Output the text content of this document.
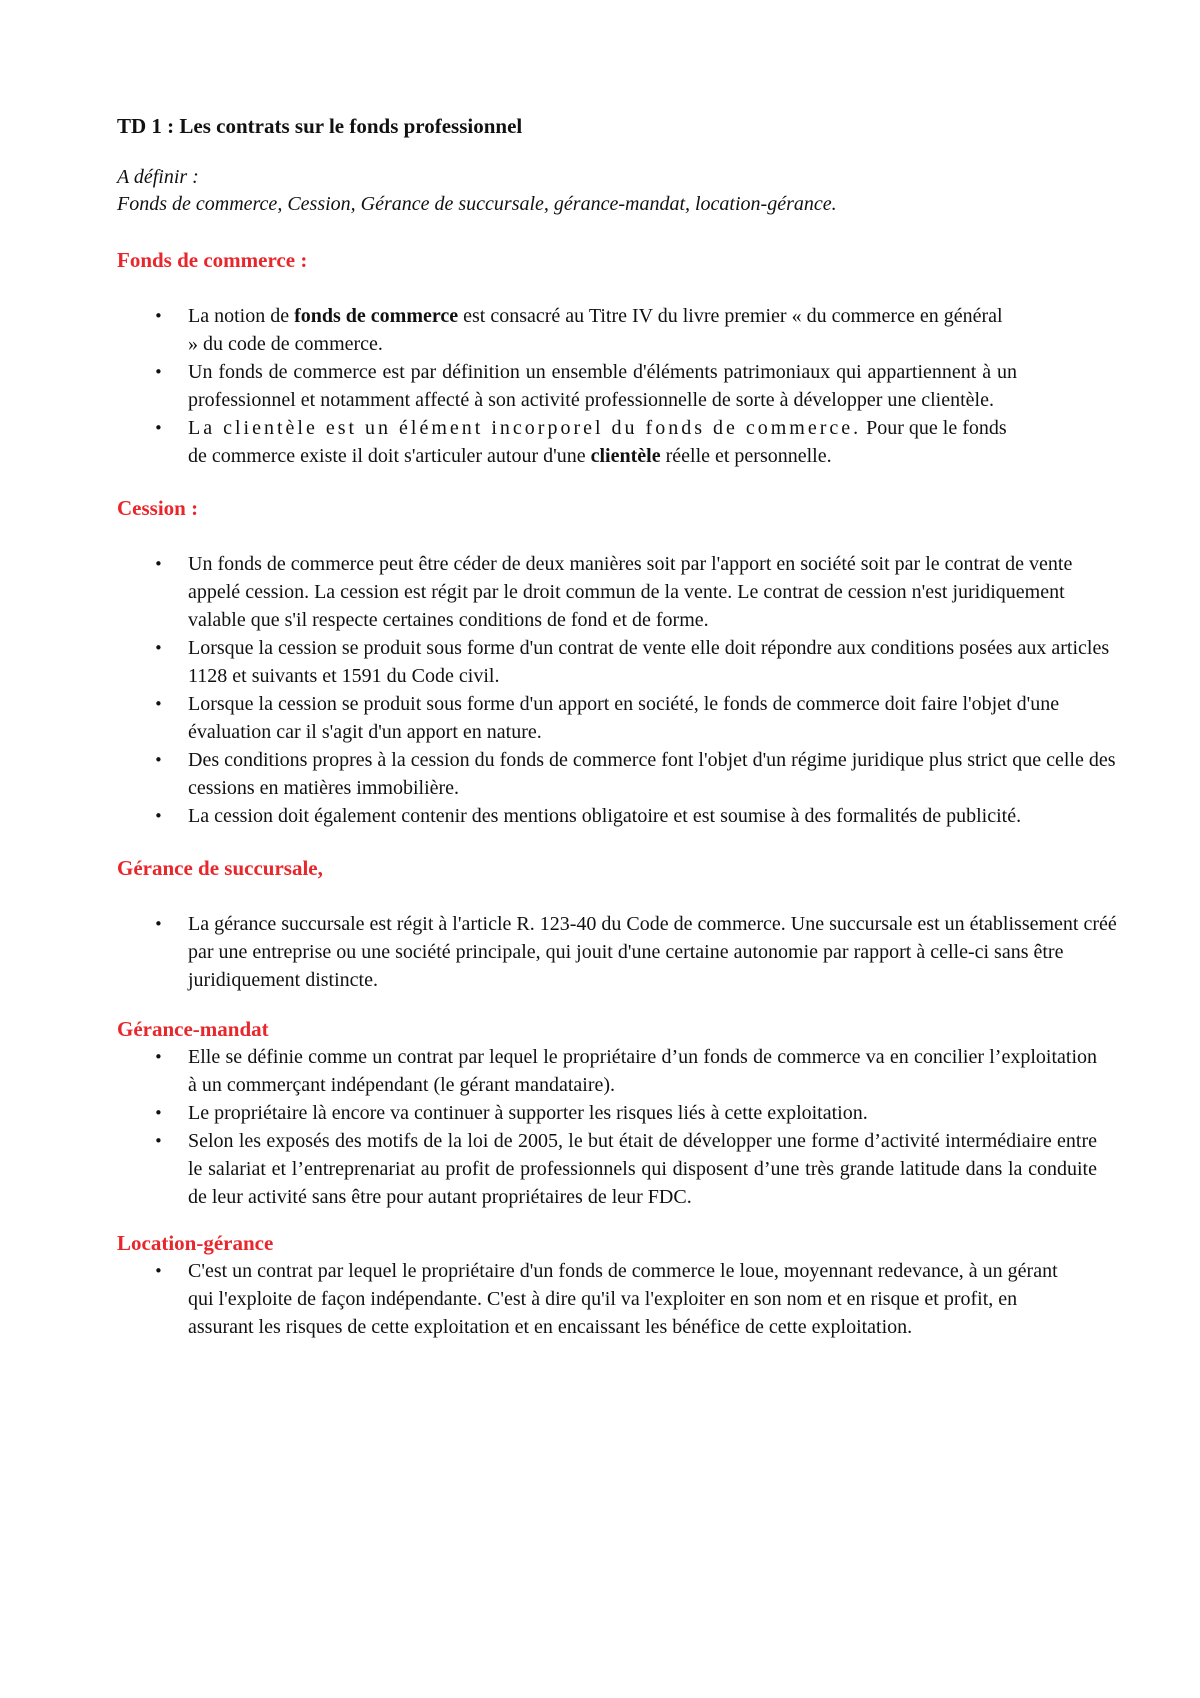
TD 1 : Les contrats sur le fonds professionnel

A définir :

Fonds de commerce, Cession, Gérance de succursale, gérance-mandat, location-gérance.

Fonds de commerce :

• La notion de fonds de commerce est consacré au Titre IV du livre premier « du commerce en général » du code de commerce.
• Un fonds de commerce est par définition un ensemble d'éléments patrimoniaux qui appartiennent à un professionnel et notamment affecté à son activité professionnelle de sorte à développer une clientèle.
• La clientèle est un élément incorporel du fonds de commerce. Pour que le fonds de commerce existe il doit s'articuler autour d'une clientèle réelle et personnelle.

Cession :

• Un fonds de commerce peut être céder de deux manières soit par l'apport en société soit par le contrat de vente appelé cession. La cession est régit par le droit commun de la vente. Le contrat de cession n'est juridiquement valable que s'il respecte certaines conditions de fond et de forme.
• Lorsque la cession se produit sous forme d'un contrat de vente elle doit répondre aux conditions posées aux articles 1128 et suivants et 1591 du Code civil.
• Lorsque la cession se produit sous forme d'un apport en société, le fonds de commerce doit faire l'objet d'une évaluation car il s'agit d'un apport en nature.
• Des conditions propres à la cession du fonds de commerce font l'objet d'un régime juridique plus strict que celle des cessions en matières immobilière.
• La cession doit également contenir des mentions obligatoire et est soumise à des formalités de publicité.

Gérance de succursale,

• La gérance succursale est régit à l'article R. 123-40 du Code de commerce. Une succursale est un établissement créé par une entreprise ou une société principale, qui jouit d'une certaine autonomie par rapport à celle-ci sans être juridiquement distincte.

Gérance-mandat

• Elle se définie comme un contrat par lequel le propriétaire d’un fonds de commerce va en concilier l’exploitation à un commerçant indépendant (le gérant mandataire).
• Le propriétaire là encore va continuer à supporter les risques liés à cette exploitation.
• Selon les exposés des motifs de la loi de 2005, le but était de développer une forme d’activité intermédiaire entre le salariat et l’entreprenariat au profit de professionnels qui disposent d’une très grande latitude dans la conduite de leur activité sans être pour autant propriétaires de leur FDC.

Location-gérance

• C'est un contrat par lequel le propriétaire d'un fonds de commerce le loue, moyennant redevance, à un gérant qui l'exploite de façon indépendante. C'est à dire qu'il va l'exploiter en son nom et en risque et profit, en assurant les risques de cette exploitation et en encaissant les bénéfice de cette exploitation.
